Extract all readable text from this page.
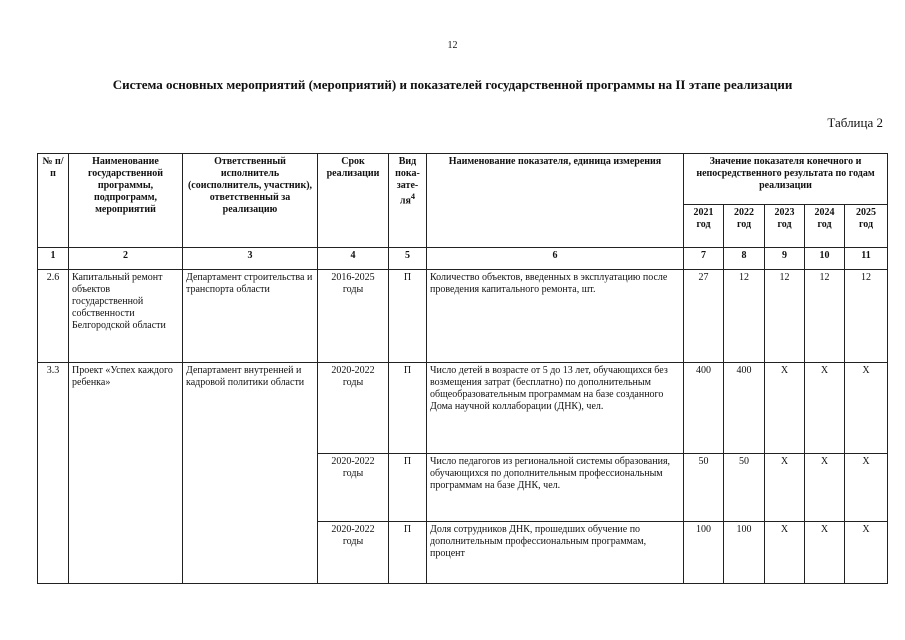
12
Система основных мероприятий (мероприятий) и показателей государственной программы на II этапе реализации
Таблица 2
№ п/п	Наименование государственной программы, подпрограмм, мероприятий	Ответственный исполнитель (соисполнитель, участник), ответственный за реализацию	Срок реализации	Вид пока-$зате-ля^4$	Наименование показателя, единица измерения	Значение показателя конечного и непосредственного результата по годам реализации				
						2021 год	2022 год	2023 год	2024 год	2025 год
1	2	3	4	5	6	7	8	9	10	11
2.6	Капитальный ремонт объектов государственной собственности Белгородской области	Департамент строительства и транспорта области	2016-2025 годы	П	Количество объектов, введенных в эксплуатацию после проведения капитального ремонта, шт.	27	12	12	12	12
3.3	Проект «Успех каждого ребенка»	Департамент внутренней и кадровой политики области	2020-2022 годы	П	Число детей в возрасте от 5 до 13 лет, обучающихся без возмещения затрат (бесплатно) по дополнительным общеобразовательным программам на базе созданного Дома научной коллаборации (ДНК), чел.	400	400	Х	Х	Х
			2020-2022 годы	П	Число педагогов из региональной системы образования, обучающихся по дополнительным профессиональным программам на базе ДНК, чел.	50	50	Х	Х	Х
			2020-2022 годы	П	Доля сотрудников ДНК, прошедших обучение по дополнительным профессиональным программам, процент	100	100	Х	Х	Х
